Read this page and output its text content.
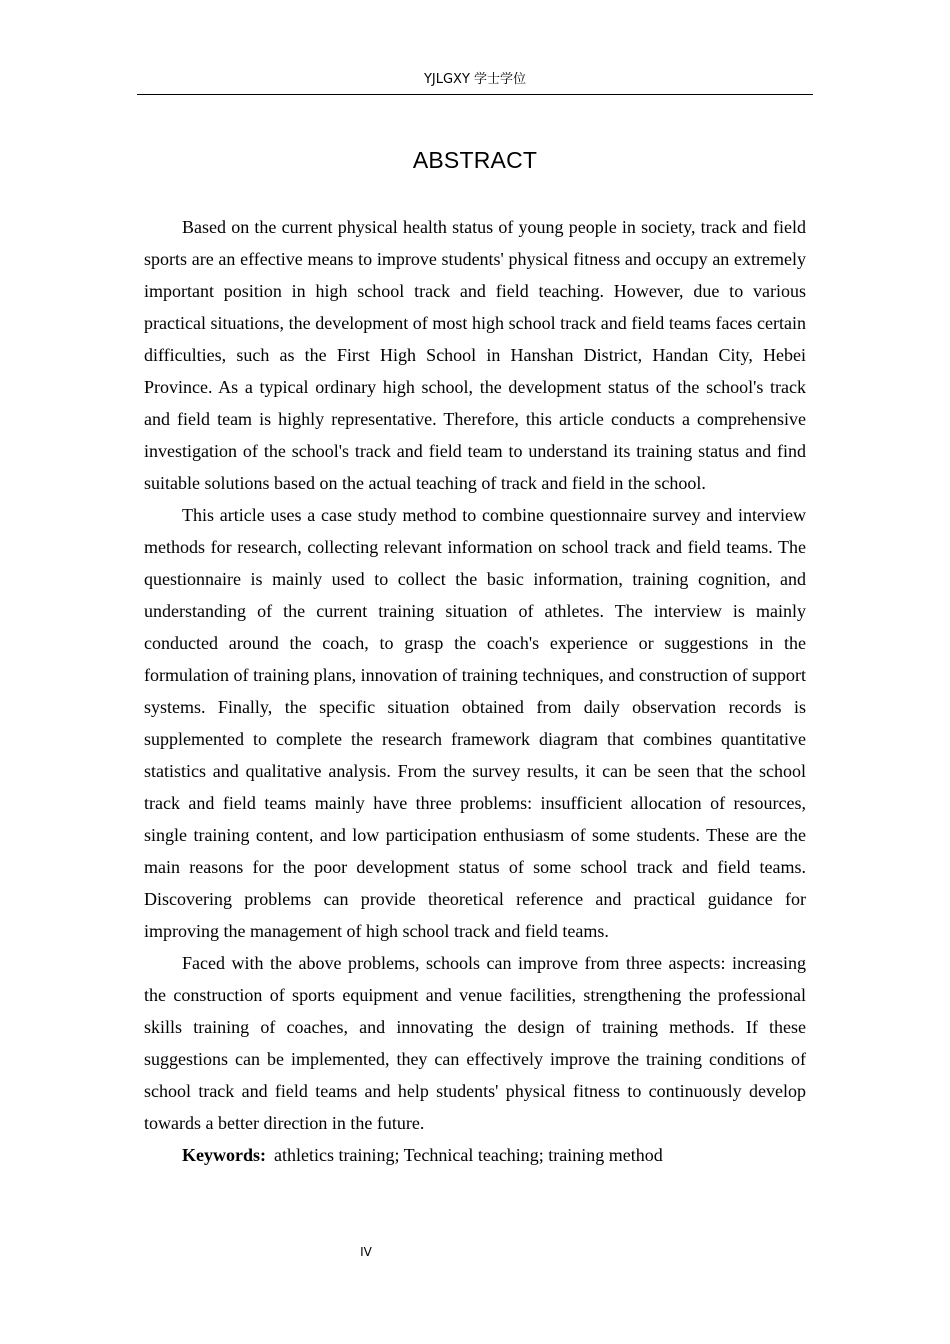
YJLGXY 学士学位
ABSTRACT

Based on the current physical health status of young people in society, track and field sports are an effective means to improve students' physical fitness and occupy an extremely important position in high school track and field teaching. However, due to various practical situations, the development of most high school track and field teams faces certain difficulties, such as the First High School in Hanshan District, Handan City, Hebei Province. As a typical ordinary high school, the development status of the school's track and field team is highly representative. Therefore, this article conducts a comprehensive investigation of the school's track and field team to understand its training status and find suitable solutions based on the actual teaching of track and field in the school.

This article uses a case study method to combine questionnaire survey and interview methods for research, collecting relevant information on school track and field teams. The questionnaire is mainly used to collect the basic information, training cognition, and understanding of the current training situation of athletes. The interview is mainly conducted around the coach, to grasp the coach's experience or suggestions in the formulation of training plans, innovation of training techniques, and construction of support systems. Finally, the specific situation obtained from daily observation records is supplemented to complete the research framework diagram that combines quantitative statistics and qualitative analysis. From the survey results, it can be seen that the school track and field teams mainly have three problems: insufficient allocation of resources, single training content, and low participation enthusiasm of some students. These are the main reasons for the poor development status of some school track and field teams. Discovering problems can provide theoretical reference and practical guidance for improving the management of high school track and field teams.

Faced with the above problems, schools can improve from three aspects: increasing the construction of sports equipment and venue facilities, strengthening the professional skills training of coaches, and innovating the design of training methods. If these suggestions can be implemented, they can effectively improve the training conditions of school track and field teams and help students' physical fitness to continuously develop towards a better direction in the future.

Keywords: athletics training; Technical teaching; training method

IV
